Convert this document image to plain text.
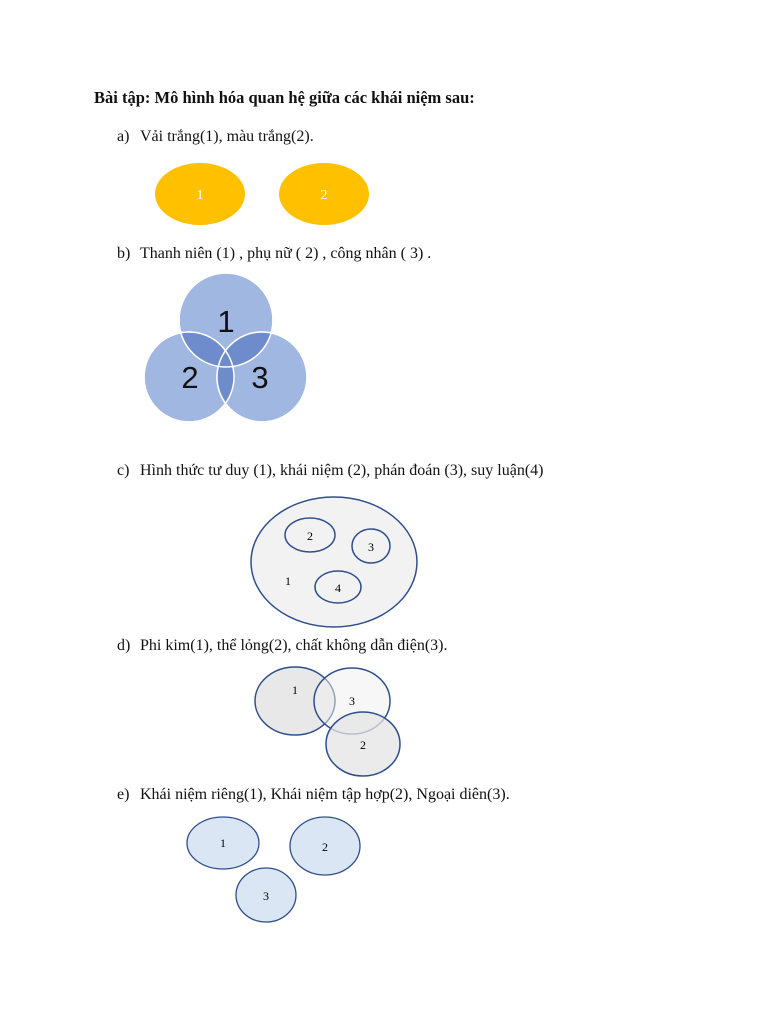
Bài tập: Mô hình hóa quan hệ giữa các khái niệm sau:
a) Vải trắng(1), màu trắng(2).
1	2
b) Thanh niên (1) , phụ nữ ( 2) , công nhân ( 3) .
1
2 3
c) Hình thức tư duy (1), khái niệm (2), phán đoán (3), suy luận(4)
1
2
3
4
d) Phi kim(1), thể lỏng(2), chất không dẫn điện(3).
1
3
2
e) Khái niệm riêng(1), Khái niệm tập hợp(2), Ngoại diên(3).
1	2
3
